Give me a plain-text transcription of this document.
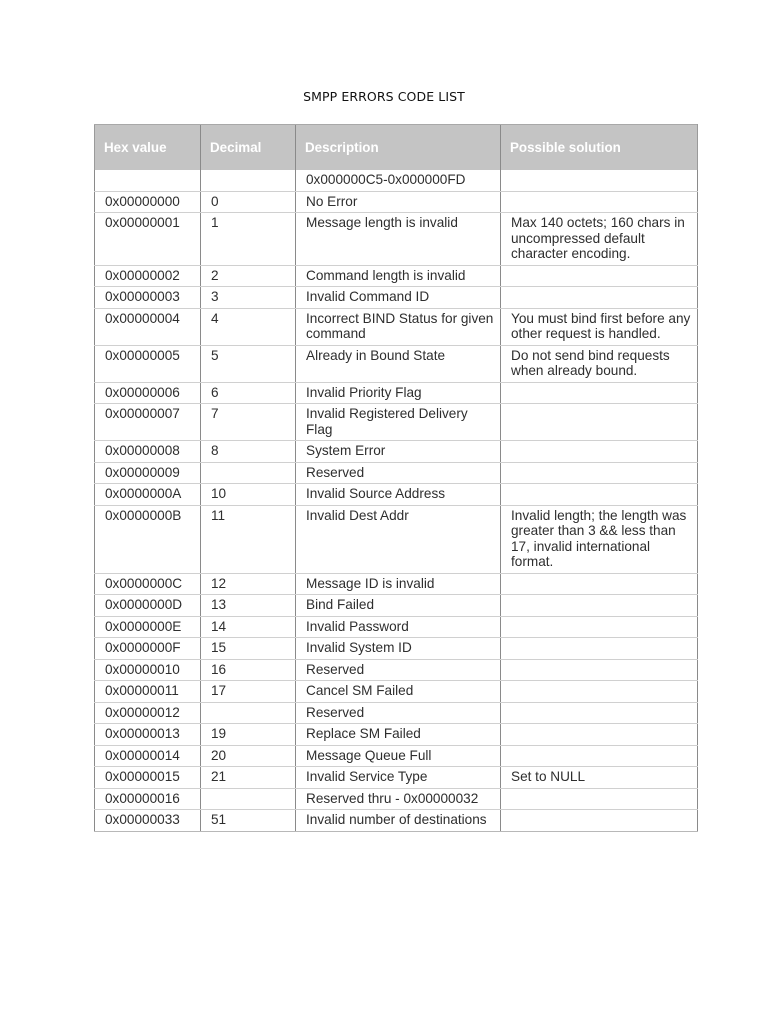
SMPP ERRORS CODE LIST
Hex value	Decimal	Description	Possible solution
		0x000000C5-0x000000FD	
0x00000000	0	No Error	
0x00000001	1	Message length is invalid	Max 140 octets; 160 chars in uncompressed default character encoding.
0x00000002	2	Command length is invalid	
0x00000003	3	Invalid Command ID	
0x00000004	4	Incorrect BIND Status for given command	You must bind first before any other request is handled.
0x00000005	5	Already in Bound State	Do not send bind requests when already bound.
0x00000006	6	Invalid Priority Flag	
0x00000007	7	Invalid Registered Delivery Flag	
0x00000008	8	System Error	
0x00000009		Reserved	
0x0000000A	10	Invalid Source Address	
0x0000000B	11	Invalid Dest Addr	Invalid length; the length was greater than 3 && less than 17, invalid international format.
0x0000000C	12	Message ID is invalid	
0x0000000D	13	Bind Failed	
0x0000000E	14	Invalid Password	
0x0000000F	15	Invalid System ID	
0x00000010	16	Reserved	
0x00000011	17	Cancel SM Failed	
0x00000012		Reserved	
0x00000013	19	Replace SM Failed	
0x00000014	20	Message Queue Full	
0x00000015	21	Invalid Service Type	Set to NULL
0x00000016		Reserved thru - 0x00000032	
0x00000033	51	Invalid number of destinations	
